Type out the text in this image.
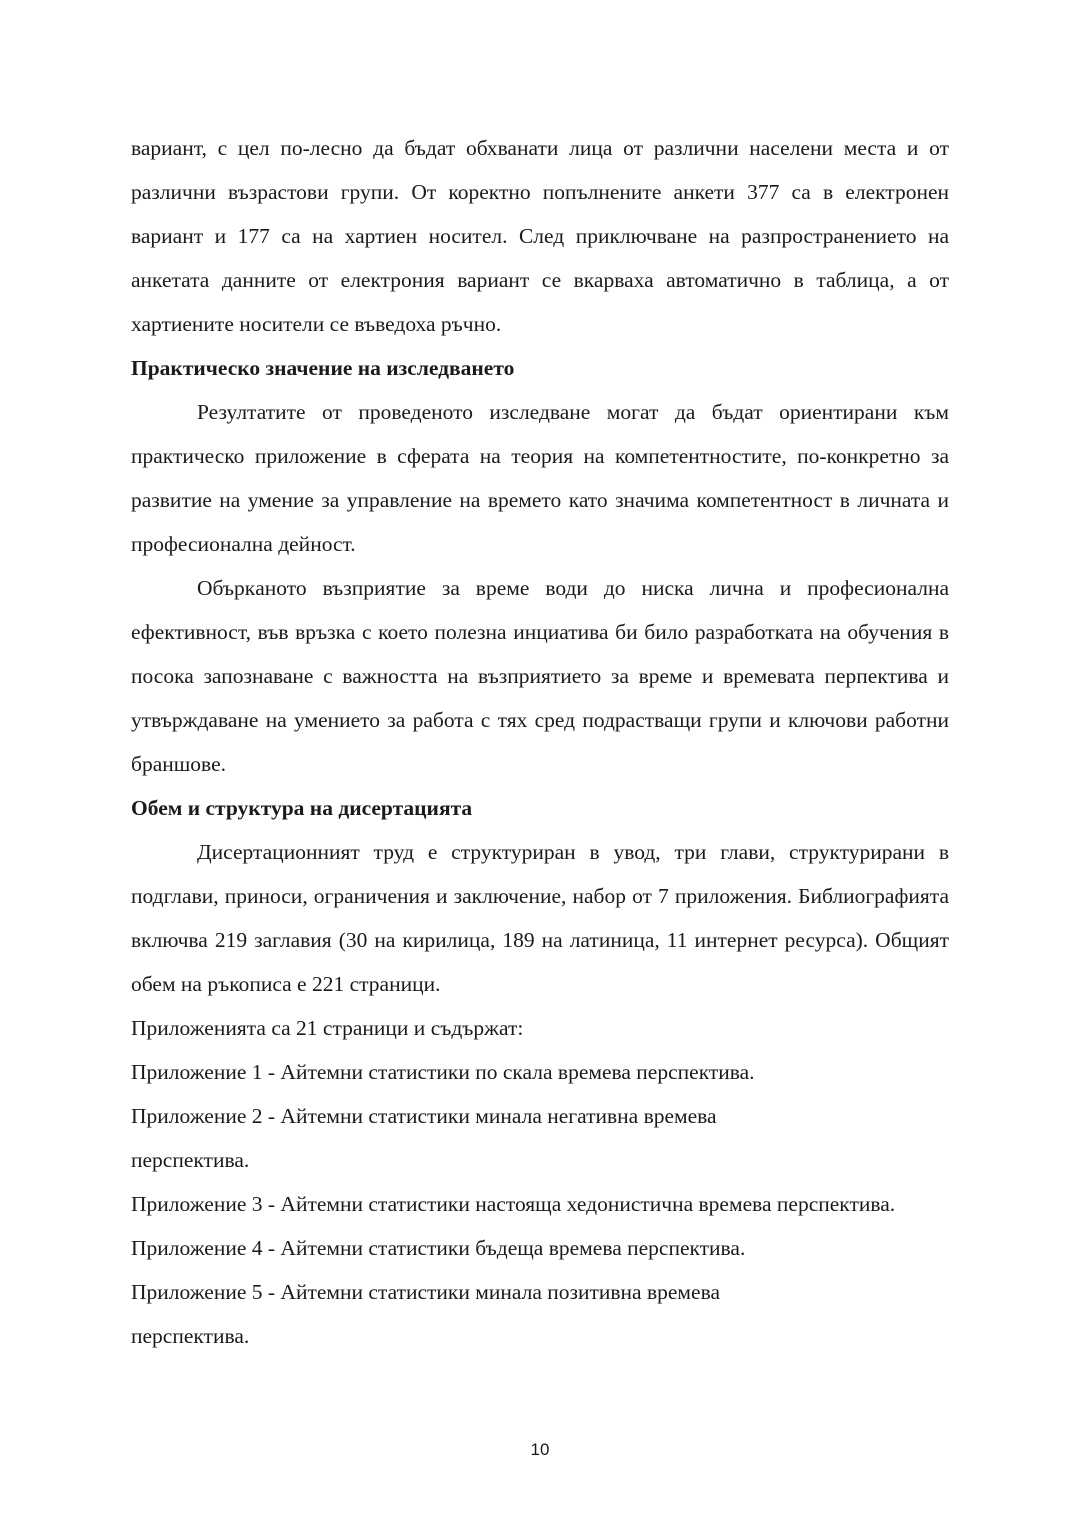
вариант, с цел по-лесно да бъдат обхванати лица от различни населени места и от различни възрастови групи. От коректно попълнените анкети 377 са в електронен вариант и 177 са на хартиен носител. След приключване на разпространението на анкетата данните от електрония вариант се вкарваха автоматично в таблица, а от хартиените носители се въведоха ръчно.

Практическо значение на изследването

Резултатите от проведеното изследване могат да бъдат ориентирани към практическо приложение в сферата на теория на компетентностите, по-конкретно за развитие на умение за управление на времето като значима компетентност в личната и професионална дейност.

Объркaното възприятие за време води до ниска лична и професионална ефективност, във връзка с което полезна инциатива би било разработката на обучения в посока запознаване с важността на възприятието за време и времевата перпектива и утвърждаване на умението за работа с тях сред подрастващи групи и ключови работни браншове.

Обем и структура на дисертацията

Дисертационният труд е структуриран в увод, три глави, структурирани в подглави, приноси, ограничения и заключение, набор от 7 приложения. Библиографията включва 219 заглавия (30 на кирилица, 189 на латиница, 11 интернет ресурса). Общият обем на ръкописа е 221 страници.

Приложенията са 21 страници и съдържат:

Приложение 1 - Айтемни статистики по скала времева перспектива.

Приложение 2 - Айтемни статистики минала негативна времева перспектива.

Приложение 3 - Айтемни статистики настояща хедонистична времева перспектива.

Приложение 4 - Айтемни статистики бъдеща времева перспектива.

Приложение 5 - Айтемни статистики минала позитивна времева перспектива.

10
